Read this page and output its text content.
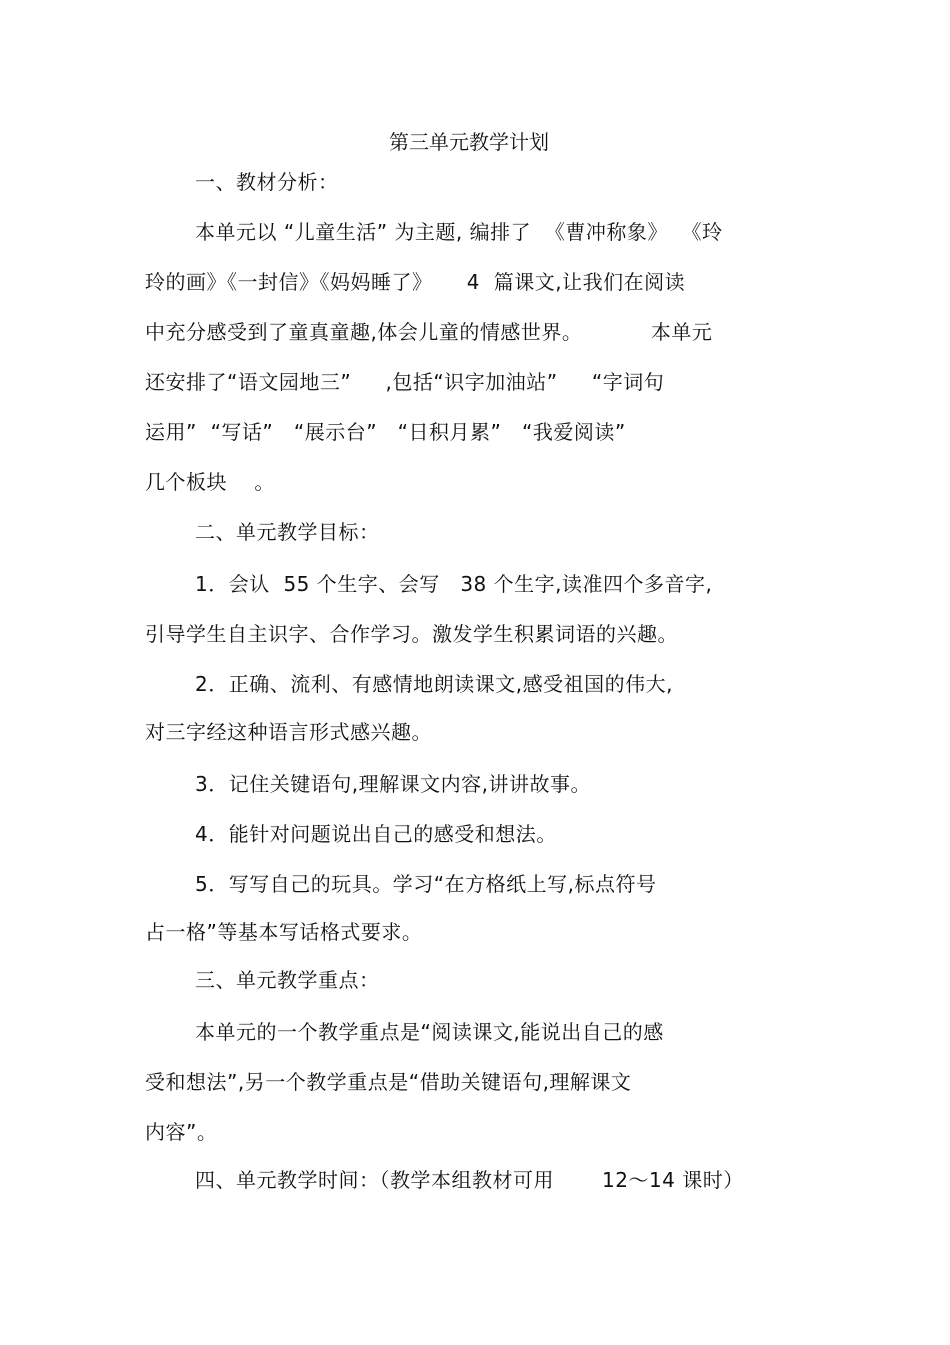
第三单元教学计划
一、教材分析：
本单元以 “儿童生活” 为主题, 编排了  《曹冲称象》  《玲
玲的画》《一封信》《妈妈睡了》     4  篇课文,让我们在阅读
中充分感受到了童真童趣,体会儿童的情感世界。          本单元
还安排了“语文园地三”     ,包括“识字加油站”     “字词句
运用”  “写话”   “展示台”   “日积月累”   “我爱阅读”
几个板块    。
二、单元教学目标：
1．会认  55 个生字、会写   38 个生字,读准四个多音字,
引导学生自主识字、合作学习。激发学生积累词语的兴趣。
2．正确、流利、有感情地朗读课文,感受祖国的伟大,
对三字经这种语言形式感兴趣。
3．记住关键语句,理解课文内容,讲讲故事。
4．能针对问题说出自己的感受和想法。
5．写写自己的玩具。学习“在方格纸上写,标点符号
占一格”等基本写话格式要求。
三、单元教学重点：
本单元的一个教学重点是“阅读课文,能说出自己的感
受和想法”,另一个教学重点是“借助关键语句,理解课文
内容”。
四、单元教学时间：（教学本组教材可用       12～14 课时）
